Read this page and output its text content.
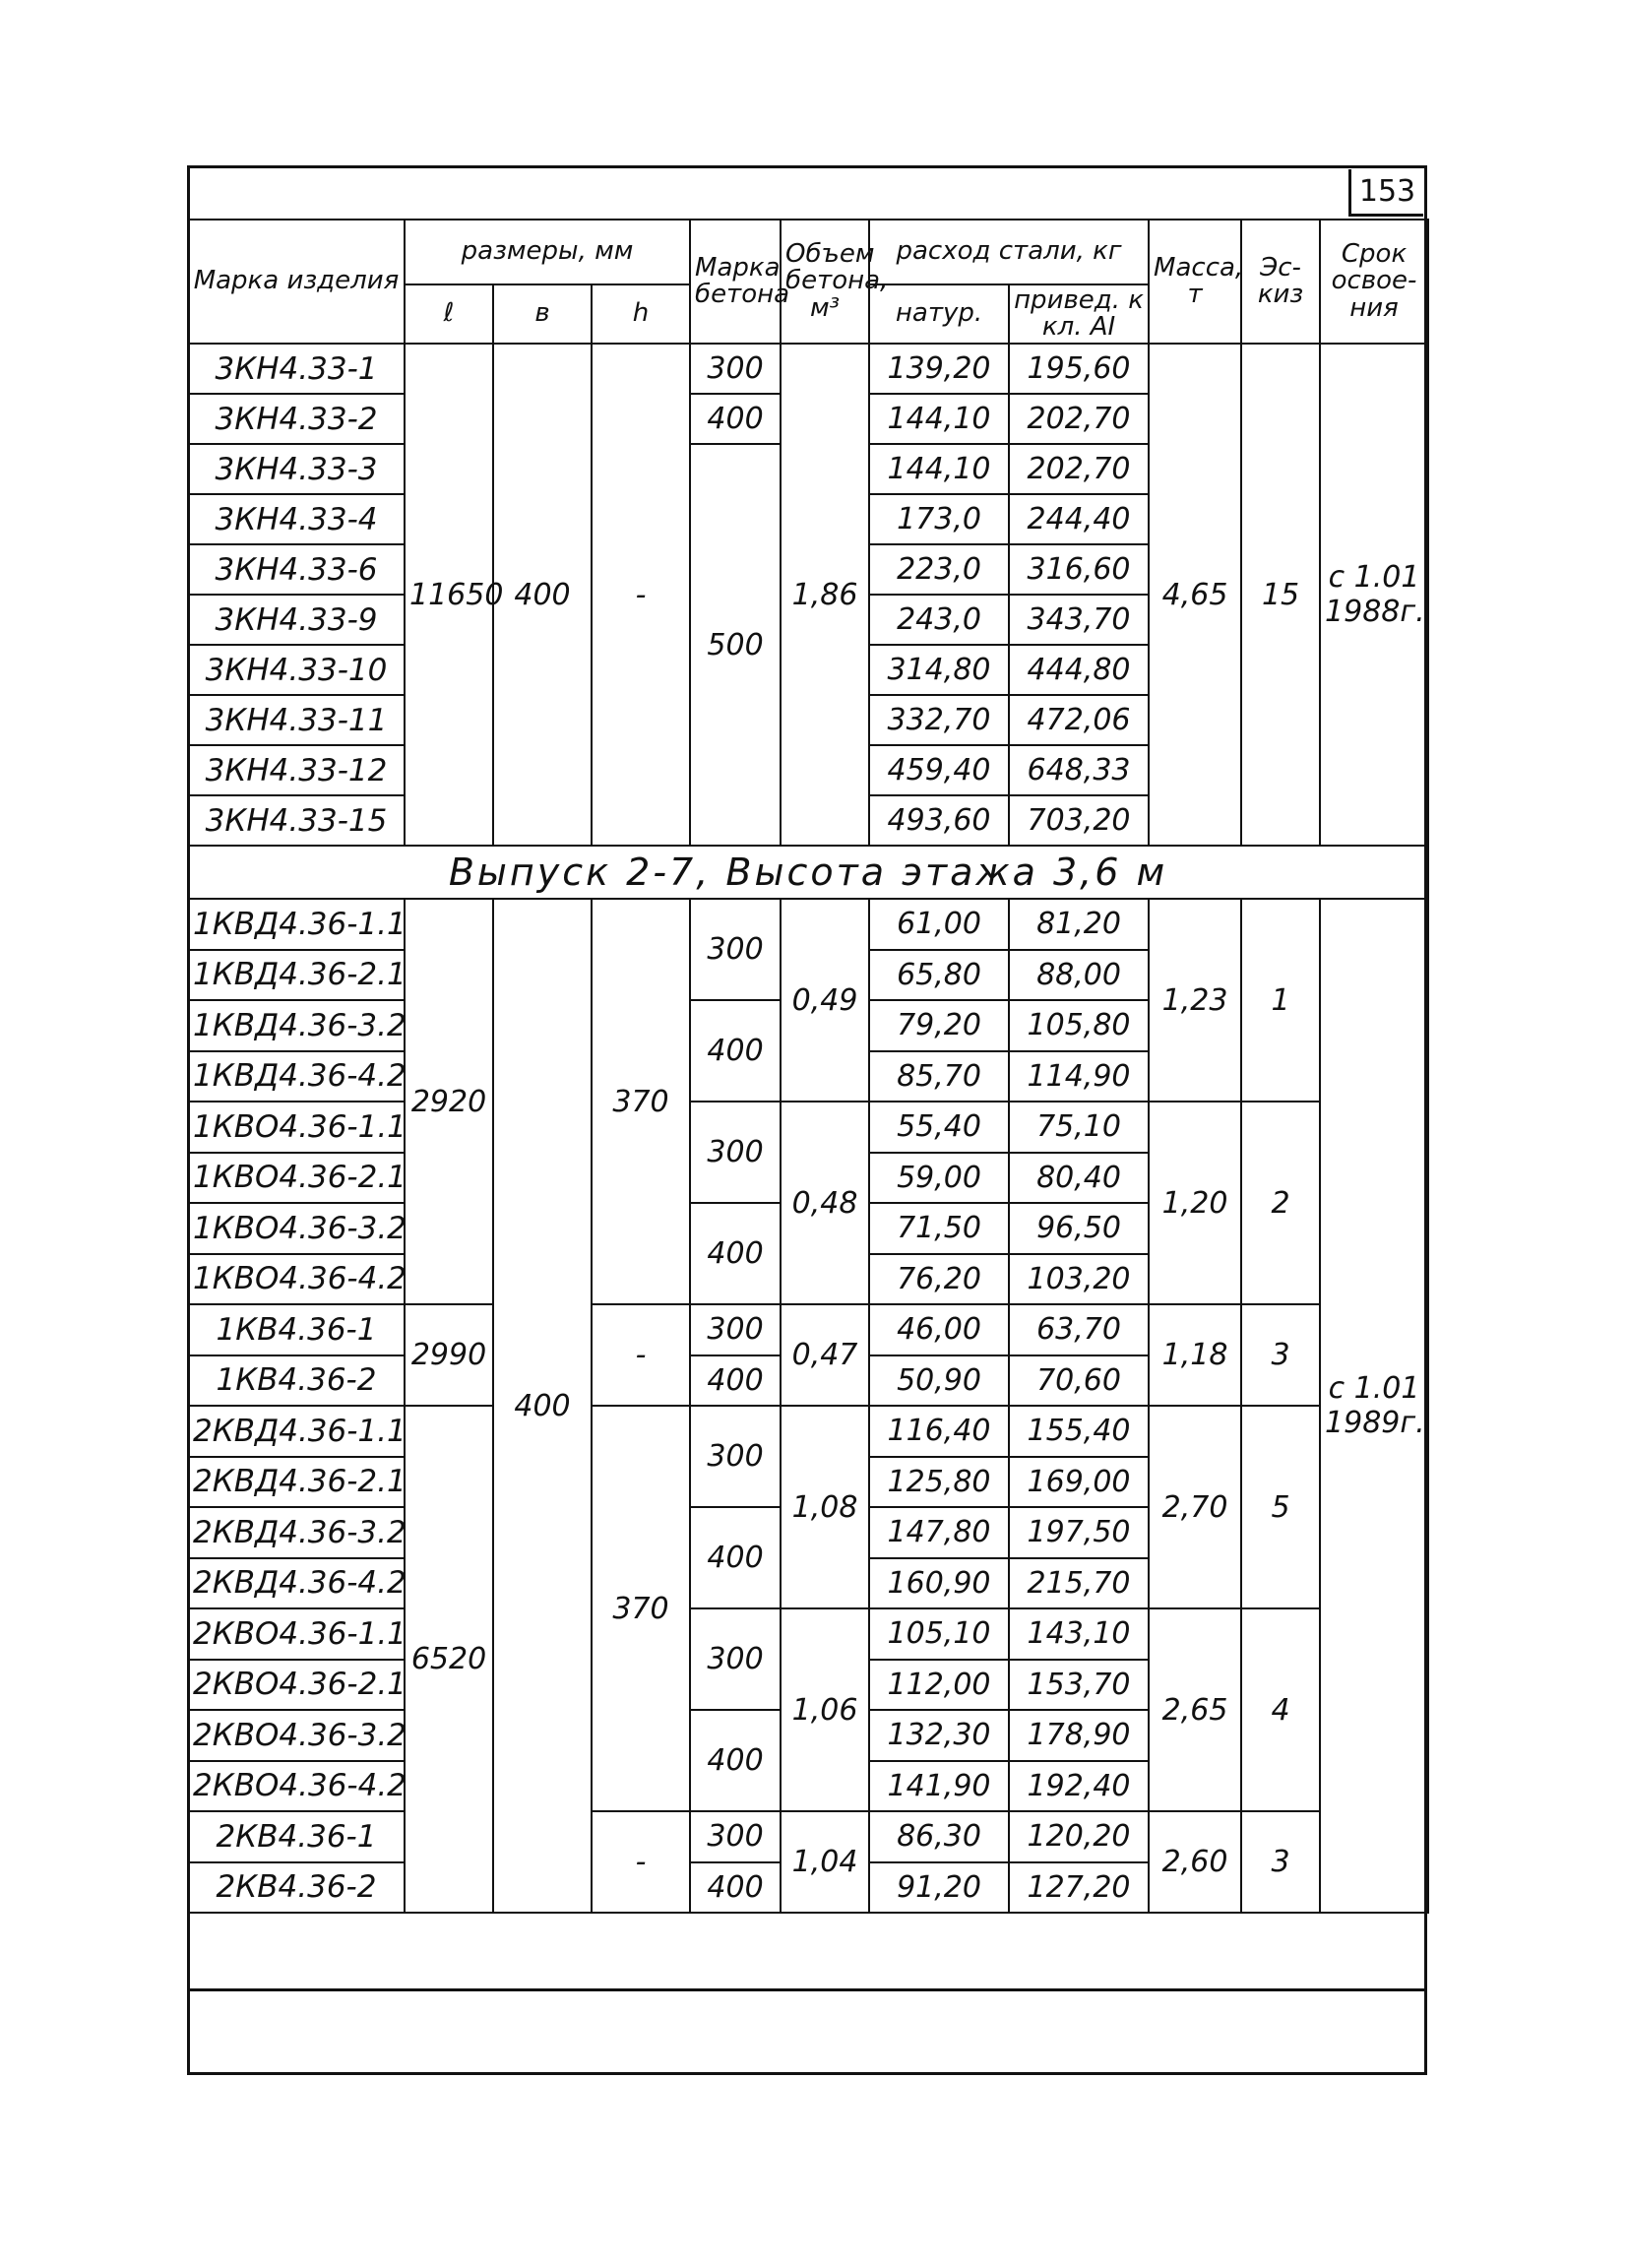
153
Марка изделия	размеры, мм			Марка бетона	Объем бетона, м³	расход стали, кг		Масса, т	Эс- киз	Срок освое- ния
	ℓ	в	h			натур.	привед. к кл. AI			
3КН4.33-1	11650	400	-	300	1,86	139,20	195,60	4,65	15	с 1.01
1988г.

3КН4.33-2				400		144,10	202,70			
3КН4.33-3				500		144,10	202,70			
3КН4.33-4						173,0	244,40			
3КН4.33-6						223,0	316,60			
3КН4.33-9						243,0	343,70			
3КН4.33-10						314,80	444,80			
3КН4.33-11						332,70	472,06			
3КН4.33-12						459,40	648,33			
3КН4.33-15						493,60	703,20			
Выпуск 2-7, Высота этажа 3,6 м										
1КВД4.36-1.1	2920	400	370	300	0,49	61,00	81,20	1,23	1	с 1.01
1989г.

1КВД4.36-2.1						65,80	88,00			
1КВД4.36-3.2				400		79,20	105,80			
1КВД4.36-4.2						85,70	114,90			
1КВО4.36-1.1				300	0,48	55,40	75,10	1,20	2	
1КВО4.36-2.1						59,00	80,40			
1КВО4.36-3.2				400		71,50	96,50			
1КВО4.36-4.2						76,20	103,20			
1КВ4.36-1	2990		-	300	0,47	46,00	63,70	1,18	3	
1КВ4.36-2				400		50,90	70,60			
2КВД4.36-1.1	6520		370	300	1,08	116,40	155,40	2,70	5	
2КВД4.36-2.1						125,80	169,00			
2КВД4.36-3.2				400		147,80	197,50			
2КВД4.36-4.2						160,90	215,70			
2КВО4.36-1.1				300	1,06	105,10	143,10	2,65	4	
2КВО4.36-2.1						112,00	153,70			
2КВО4.36-3.2				400		132,30	178,90			
2КВО4.36-4.2						141,90	192,40			
2КВ4.36-1			-	300	1,04	86,30	120,20	2,60	3	
2КВ4.36-2				400		91,20	127,20			
